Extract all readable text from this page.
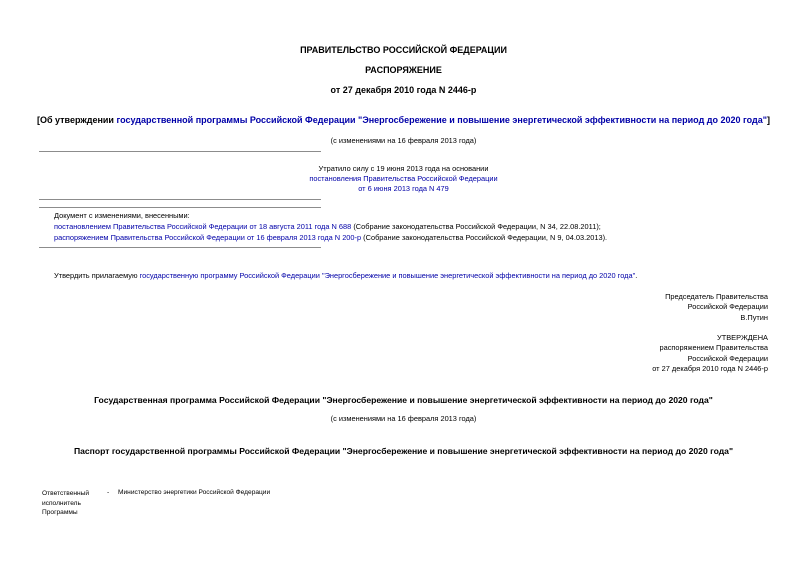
ПРАВИТЕЛЬСТВО РОССИЙСКОЙ ФЕДЕРАЦИИ
РАСПОРЯЖЕНИЕ
от 27 декабря 2010 года N 2446-р
[Об утверждении государственной программы Российской Федерации "Энергосбережение и повышение энергетической эффективности на период до 2020 года"]
(с изменениями на 16 февраля 2013 года)
Утратило силу с 19 июня 2013 года на основании
постановления Правительства Российской Федерации
от 6 июня 2013 года N 479
Документ с изменениями, внесенными:
постановлением Правительства Российской Федерации от 18 августа 2011 года N 688 (Собрание законодательства Российской Федерации, N 34, 22.08.2011);
распоряжением Правительства Российской Федерации от 16 февраля 2013 года N 200-р (Собрание законодательства Российской Федерации, N 9, 04.03.2013).
Утвердить прилагаемую государственную программу Российской Федерации "Энергосбережение и повышение энергетической эффективности на период до 2020 года".
Председатель Правительства
Российской Федерации
В.Путин
УТВЕРЖДЕНА
распоряжением Правительства
Российской Федерации
от 27 декабря 2010 года N 2446-р
Государственная программа Российской Федерации "Энергосбережение и повышение энергетической эффективности на период до 2020 года"
(с изменениями на 16 февраля 2013 года)
Паспорт государственной программы Российской Федерации "Энергосбережение и повышение энергетической эффективности на период до 2020 года"
Ответственный
исполнитель
Программы
- Министерство энергетики Российской Федерации
